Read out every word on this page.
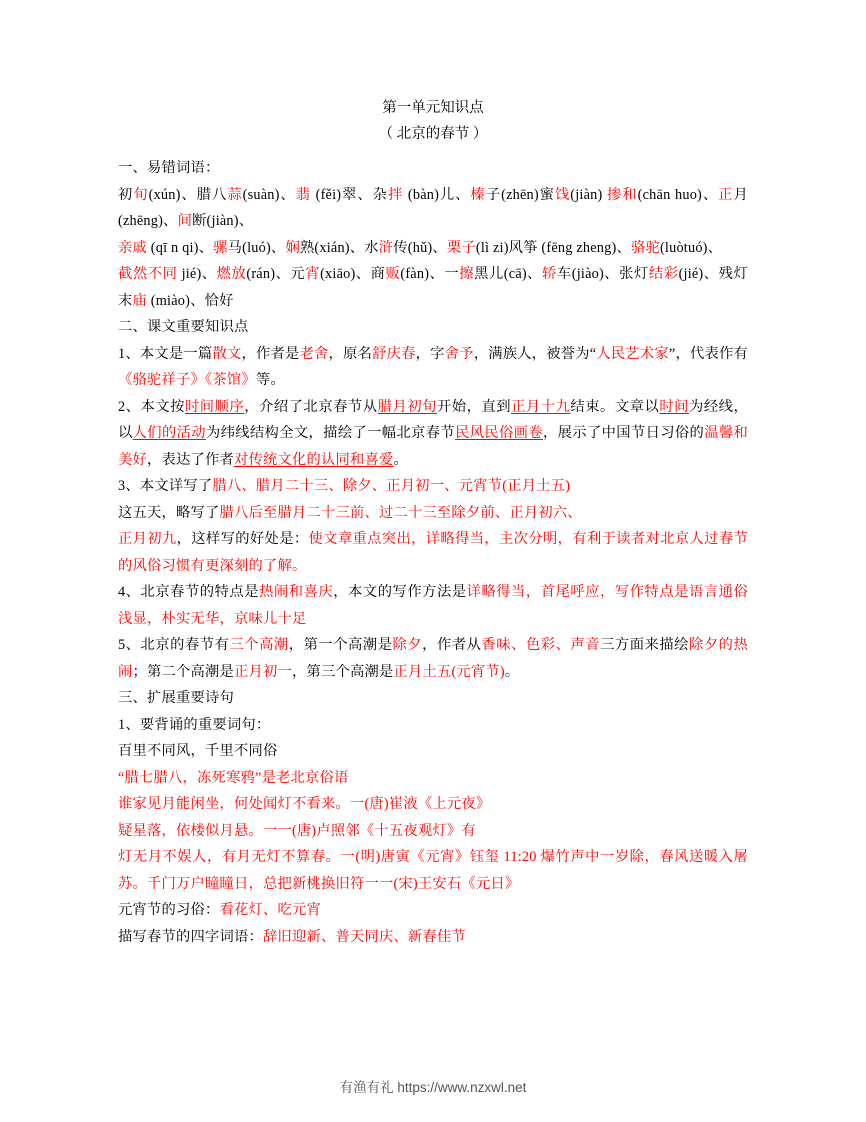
第一单元知识点
（ 北京的春节 ）

一、易错词语：

初旬(xún)、腊八蒜(suàn)、翡 (fěi)翠、杂拌 (bàn)儿、榛子(zhēn)蜜饯(jiàn) 掺和(chān huo)、正月 (zhēng)、间断(jiàn)、

亲戚 (qī n qi)、骡马(luó)、娴熟(xián)、水浒传(hǔ)、栗子(lì zi)风筝 (fēng zheng)、骆驼(luòtuó)、

截然不同 jié)、燃放(rán)、元宵(xiāo)、商贩(fàn)、一擦黑儿(cā)、轿车(jiào)、张灯结彩(jié)、残灯末庙 (miào)、恰好

二、课文重要知识点

1、本文是一篇散文，作者是老舍，原名舒庆春，字舍予，满族人，被誉为“人民艺术家”，代表作有《骆驼祥子》《茶馆》等。

2、本文按时间顺序，介绍了北京春节从腊月初旬开始，直到正月十九结束。文章以时间为经线，以人们的活动为纬线结构全文，描绘了一幅北京春节民风民俗画卷，展示了中国节日习俗的温馨和美好，表达了作者对传统文化的认同和喜爱。

3、本文详写了腊八、腊月二十三、除夕、正月初一、元宵节(正月土五)

这五天，略写了腊八后至腊月二十三前、过二十三至除夕前、正月初六、

正月初九，这样写的好处是：使文章重点突出，详略得当，主次分明，有利于读者对北京人过春节的风俗习惯有更深刻的了解。

4、北京春节的特点是热闹和喜庆，本文的写作方法是详略得当，首尾呼应，写作特点是语言通俗浅显，朴实无华，京味儿十足

5、北京的春节有三个高潮，第一个高潮是除夕，作者从香味、色彩、声音三方面来描绘除夕的热闹；第二个高潮是正月初一，第三个高潮是正月土五(元宵节)。

三、扩展重要诗句

1、要背诵的重要词句：

百里不同风，千里不同俗

“腊七腊八，冻死寒鸦”是老北京俗语

谁家见月能闲坐，何处闻灯不看来。一(唐)崔液《上元夜》

疑星落，依楼似月悬。一一(唐)卢照邻《十五夜观灯》有

灯无月不娱人，有月无灯不算春。一(明)唐寅《元宵》钰玺 11:20 爆竹声中一岁除，春风送暖入屠苏。千门万户瞳瞳日，总把新桃换旧符一一(宋)王安石《元日》

元宵节的习俗：看花灯、吃元宵

描写春节的四字词语：辞旧迎新、普天同庆、新春佳节

有渔有礼 https://www.nzxwl.net
